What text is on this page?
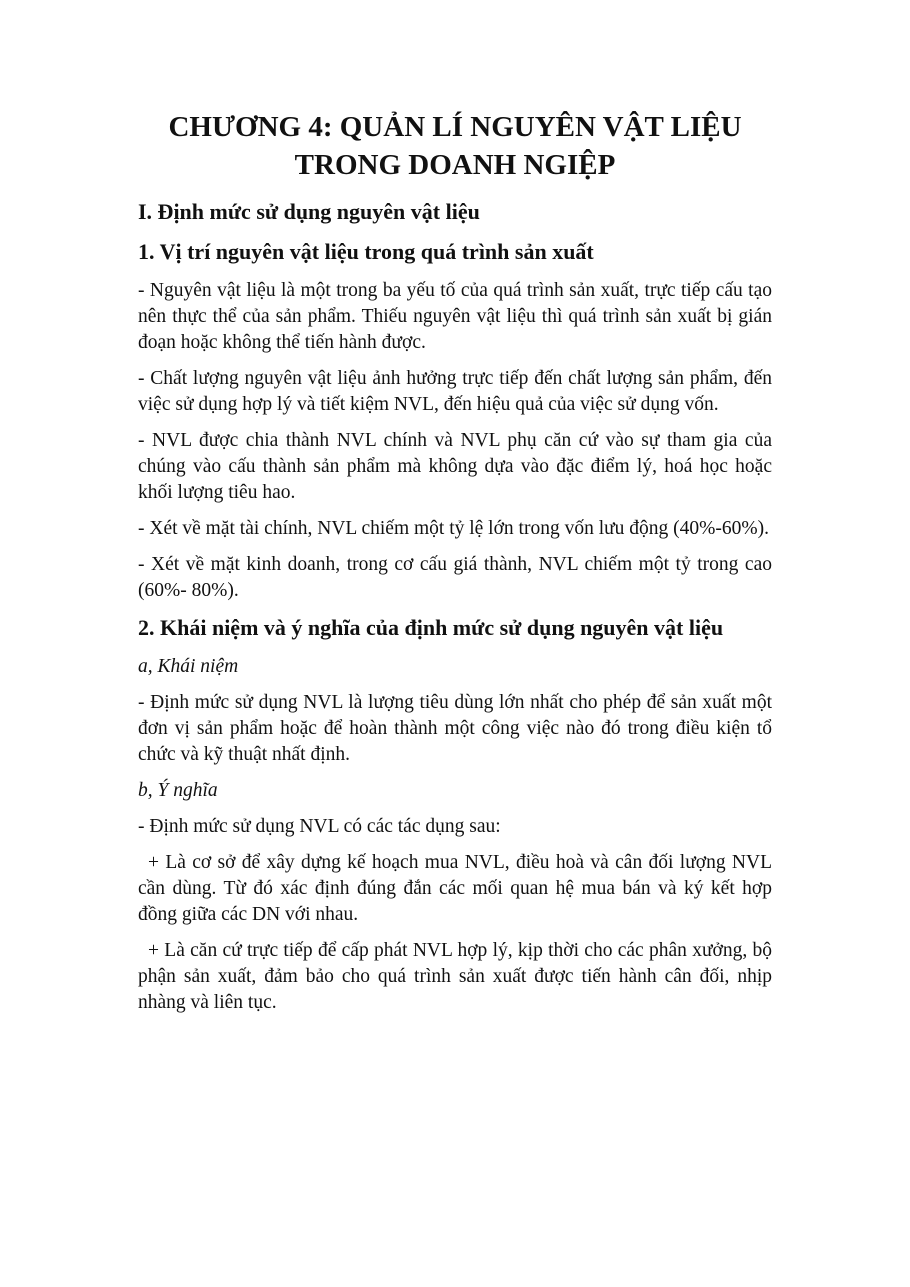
CHƯƠNG 4: QUẢN LÍ NGUYÊN VẬT LIỆU
TRONG DOANH NGIỆP
I. Định mức sử dụng nguyên vật liệu
1. Vị trí nguyên vật liệu trong quá trình sản xuất

- Nguyên vật liệu là một trong ba yếu tố của quá trình sản xuất, trực tiếp cấu tạo nên thực thể của sản phẩm. Thiếu nguyên vật liệu thì quá trình sản xuất bị gián đoạn hoặc không thể tiến hành được.

- Chất lượng nguyên vật liệu ảnh hưởng trực tiếp đến chất lượng sản phẩm, đến việc sử dụng hợp lý và tiết kiệm NVL, đến hiệu quả của việc sử dụng vốn.

- NVL được chia thành NVL chính và NVL phụ căn cứ vào sự tham gia của chúng vào cấu thành sản phẩm mà không dựa vào đặc điểm lý, hoá học hoặc khối lượng tiêu hao.

- Xét về mặt tài chính, NVL chiếm một tỷ lệ lớn trong vốn lưu động (40%-60%).

- Xét về mặt kinh doanh, trong cơ cấu giá thành, NVL chiếm một tỷ trong cao (60%- 80%).

2. Khái niệm và ý nghĩa của định mức sử dụng nguyên vật liệu

a, Khái niệm

- Định mức sử dụng NVL là lượng tiêu dùng lớn nhất cho phép để sản xuất một đơn vị sản phẩm hoặc để hoàn thành một công việc nào đó trong điều kiện tổ chức và kỹ thuật nhất định.

b, Ý nghĩa

- Định mức sử dụng NVL có các tác dụng sau:

+ Là cơ sở để xây dựng kế hoạch mua NVL, điều hoà và cân đối lượng NVL cần dùng. Từ đó xác định đúng đắn các mối quan hệ mua bán và ký kết hợp đồng giữa các DN với nhau.

+ Là căn cứ trực tiếp để cấp phát NVL hợp lý, kịp thời cho các phân xưởng, bộ phận sản xuất, đảm bảo cho quá trình sản xuất được tiến hành cân đối, nhịp nhàng và liên tục.
